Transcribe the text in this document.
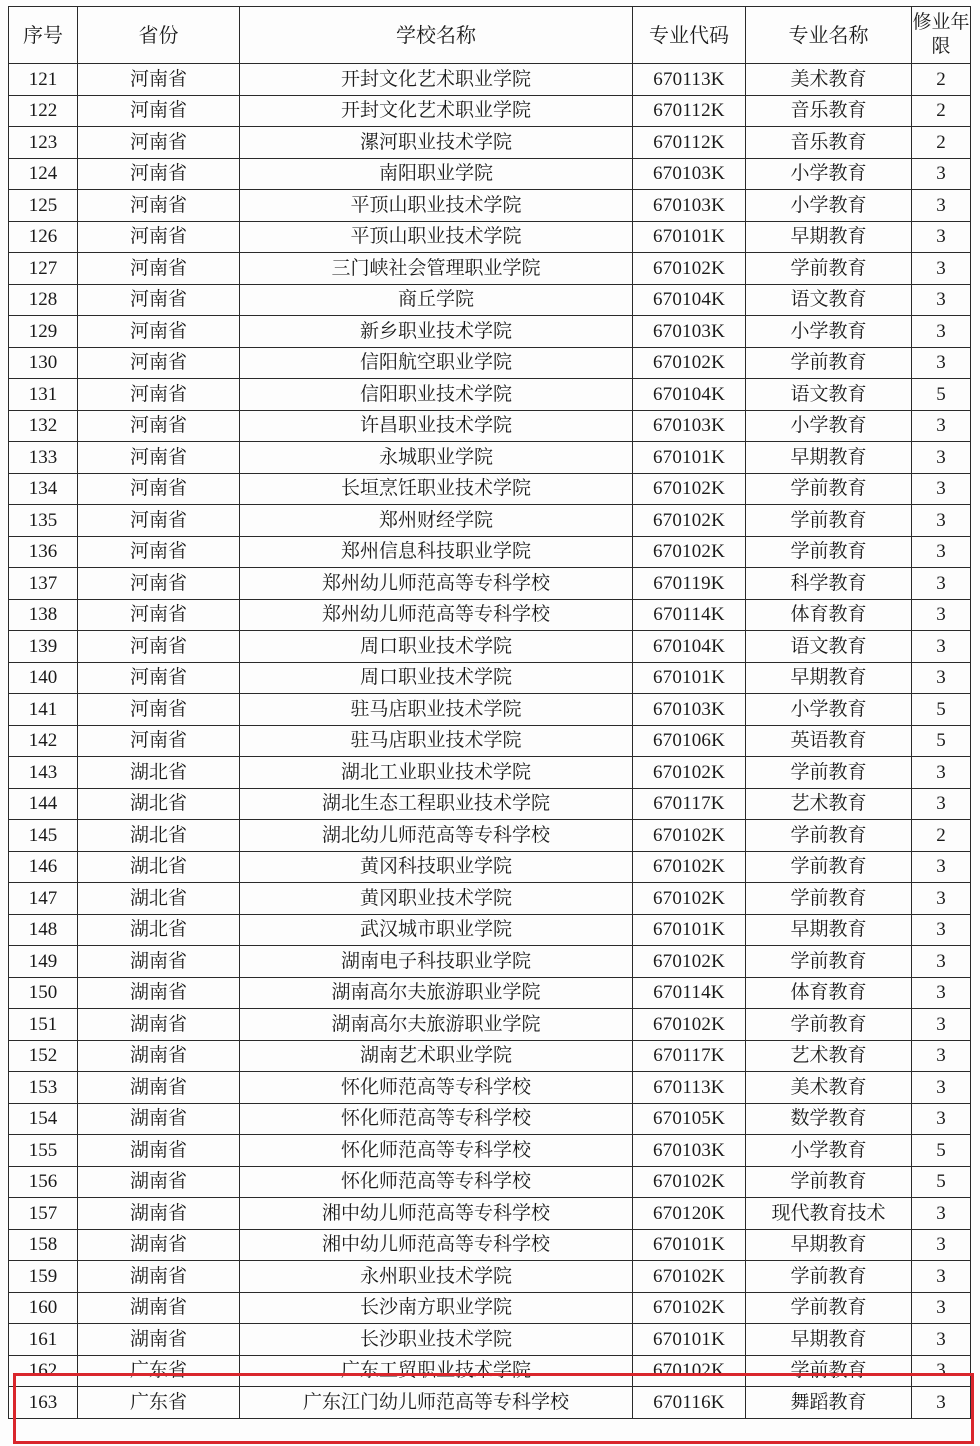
序号	省份	学校名称	专业代码	专业名称	修业年限
121	河南省	开封文化艺术职业学院	670113K	美术教育	2
122	河南省	开封文化艺术职业学院	670112K	音乐教育	2
123	河南省	漯河职业技术学院	670112K	音乐教育	2
124	河南省	南阳职业学院	670103K	小学教育	3
125	河南省	平顶山职业技术学院	670103K	小学教育	3
126	河南省	平顶山职业技术学院	670101K	早期教育	3
127	河南省	三门峡社会管理职业学院	670102K	学前教育	3
128	河南省	商丘学院	670104K	语文教育	3
129	河南省	新乡职业技术学院	670103K	小学教育	3
130	河南省	信阳航空职业学院	670102K	学前教育	3
131	河南省	信阳职业技术学院	670104K	语文教育	5
132	河南省	许昌职业技术学院	670103K	小学教育	3
133	河南省	永城职业学院	670101K	早期教育	3
134	河南省	长垣烹饪职业技术学院	670102K	学前教育	3
135	河南省	郑州财经学院	670102K	学前教育	3
136	河南省	郑州信息科技职业学院	670102K	学前教育	3
137	河南省	郑州幼儿师范高等专科学校	670119K	科学教育	3
138	河南省	郑州幼儿师范高等专科学校	670114K	体育教育	3
139	河南省	周口职业技术学院	670104K	语文教育	3
140	河南省	周口职业技术学院	670101K	早期教育	3
141	河南省	驻马店职业技术学院	670103K	小学教育	5
142	河南省	驻马店职业技术学院	670106K	英语教育	5
143	湖北省	湖北工业职业技术学院	670102K	学前教育	3
144	湖北省	湖北生态工程职业技术学院	670117K	艺术教育	3
145	湖北省	湖北幼儿师范高等专科学校	670102K	学前教育	2
146	湖北省	黄冈科技职业学院	670102K	学前教育	3
147	湖北省	黄冈职业技术学院	670102K	学前教育	3
148	湖北省	武汉城市职业学院	670101K	早期教育	3
149	湖南省	湖南电子科技职业学院	670102K	学前教育	3
150	湖南省	湖南高尔夫旅游职业学院	670114K	体育教育	3
151	湖南省	湖南高尔夫旅游职业学院	670102K	学前教育	3
152	湖南省	湖南艺术职业学院	670117K	艺术教育	3
153	湖南省	怀化师范高等专科学校	670113K	美术教育	3
154	湖南省	怀化师范高等专科学校	670105K	数学教育	3
155	湖南省	怀化师范高等专科学校	670103K	小学教育	5
156	湖南省	怀化师范高等专科学校	670102K	学前教育	5
157	湖南省	湘中幼儿师范高等专科学校	670120K	现代教育技术	3
158	湖南省	湘中幼儿师范高等专科学校	670101K	早期教育	3
159	湖南省	永州职业技术学院	670102K	学前教育	3
160	湖南省	长沙南方职业学院	670102K	学前教育	3
161	湖南省	长沙职业技术学院	670101K	早期教育	3
162	广东省	广东工贸职业技术学院	670102K	学前教育	3
163	广东省	广东江门幼儿师范高等专科学校	670116K	舞蹈教育	3
